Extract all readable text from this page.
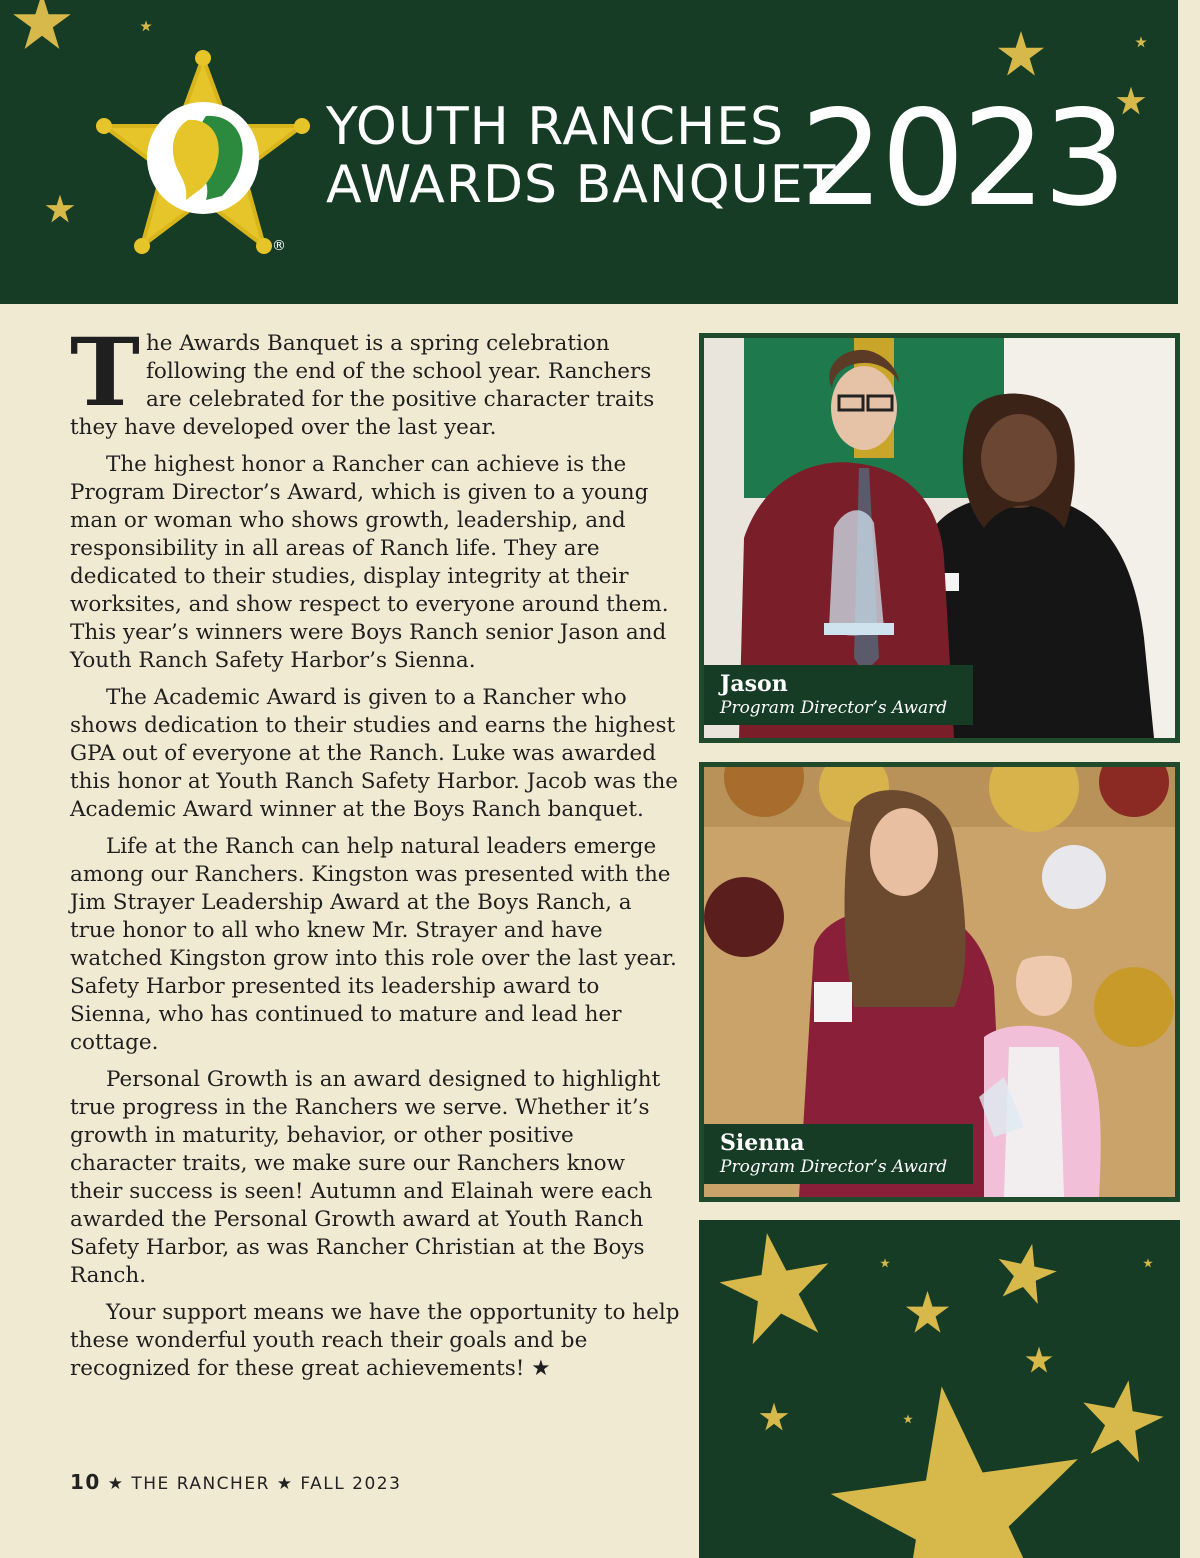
®
YOUTH RANCHES
AWARDS BANQUET
2023

The Awards Banquet is a spring celebration following the end of the school year. Ranchers are celebrated for the positive character traits they have developed over the last year.

The highest honor a Rancher can achieve is the Program Director’s Award, which is given to a young man or woman who shows growth, leadership, and responsibility in all areas of Ranch life. They are dedicated to their studies, display integrity at their worksites, and show respect to everyone around them. This year’s winners were Boys Ranch senior Jason and Youth Ranch Safety Harbor’s Sienna.

The Academic Award is given to a Rancher who shows dedication to their studies and earns the highest GPA out of everyone at the Ranch. Luke was awarded this honor at Youth Ranch Safety Harbor. Jacob was the Academic Award winner at the Boys Ranch banquet.

Life at the Ranch can help natural leaders emerge among our Ranchers. Kingston was presented with the Jim Strayer Leadership Award at the Boys Ranch, a true honor to all who knew Mr. Strayer and have watched Kingston grow into this role over the last year. Safety Harbor presented its leadership award to Sienna, who has continued to mature and lead her cottage.

Personal Growth is an award designed to highlight true progress in the Ranchers we serve. Whether it’s growth in maturity, behavior, or other positive character traits, we make sure our Ranchers know their success is seen! Autumn and Elainah were each awarded the Personal Growth award at Youth Ranch Safety Harbor, as was Rancher Christian at the Boys Ranch.

Your support means we have the opportunity to help these wonderful youth reach their goals and be recognized for these great achievements! ★

10 ★ THE RANCHER ★ FALL 2023
Jason
Program Director’s Award
Sienna
Program Director’s Award
